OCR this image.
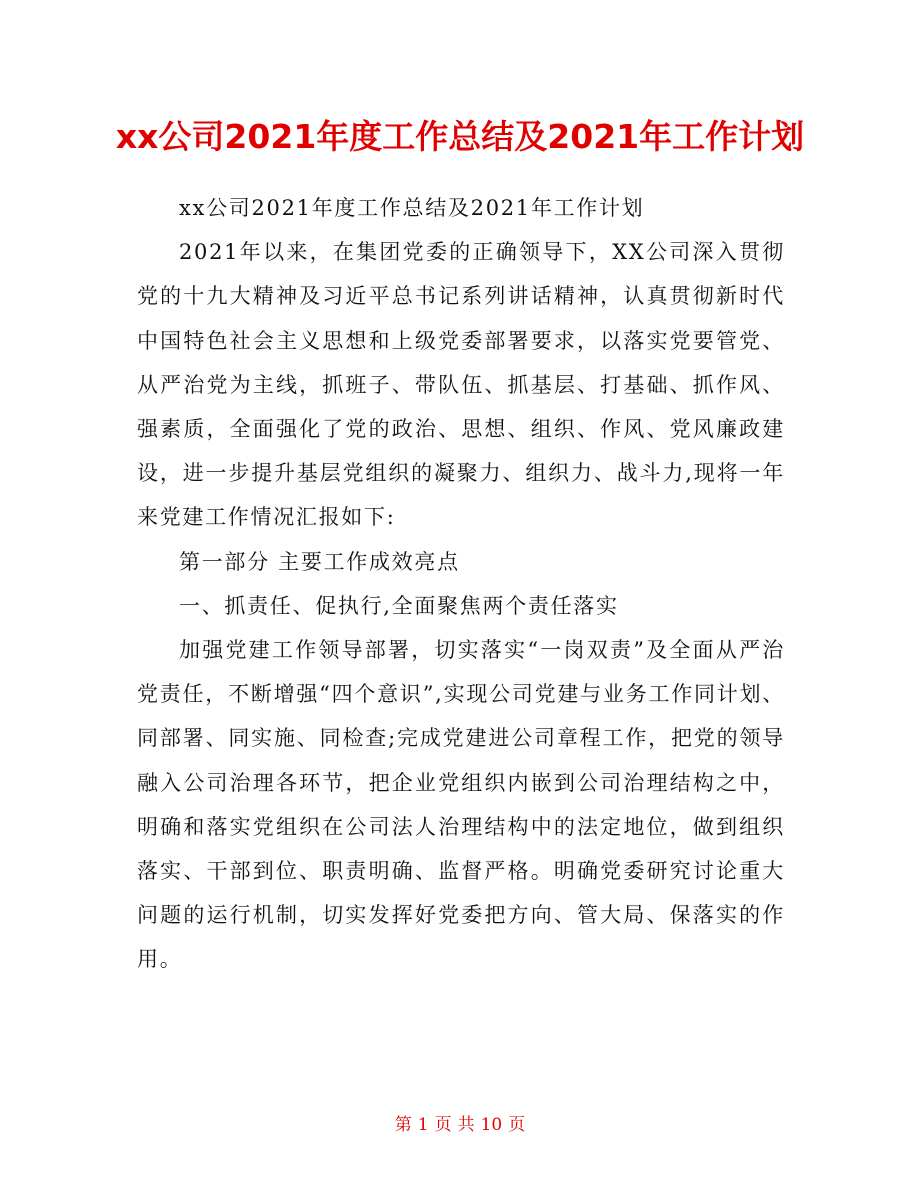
xx公司2021年度工作总结及2021年工作计划

xx公司2021年度工作总结及2021年工作计划

2021年以来，在集团党委的正确领导下，XX公司深入贯彻党的十九大精神及习近平总书记系列讲话精神，认真贯彻新时代中国特色社会主义思想和上级党委部署要求，以落实党要管党、从严治党为主线，抓班子、带队伍、抓基层、打基础、抓作风、强素质，全面强化了党的政治、思想、组织、作风、党风廉政建设，进一步提升基层党组织的凝聚力、组织力、战斗力,现将一年来党建工作情况汇报如下:

第一部分 主要工作成效亮点

一、抓责任、促执行,全面聚焦两个责任落实

加强党建工作领导部署，切实落实“一岗双责”及全面从严治党责任，不断增强“四个意识”,实现公司党建与业务工作同计划、同部署、同实施、同检查;完成党建进公司章程工作，把党的领导融入公司治理各环节，把企业党组织内嵌到公司治理结构之中，明确和落实党组织在公司法人治理结构中的法定地位，做到组织落实、干部到位、职责明确、监督严格。明确党委研究讨论重大问题的运行机制，切实发挥好党委把方向、管大局、保落实的作用。

第 1 页 共 10 页
